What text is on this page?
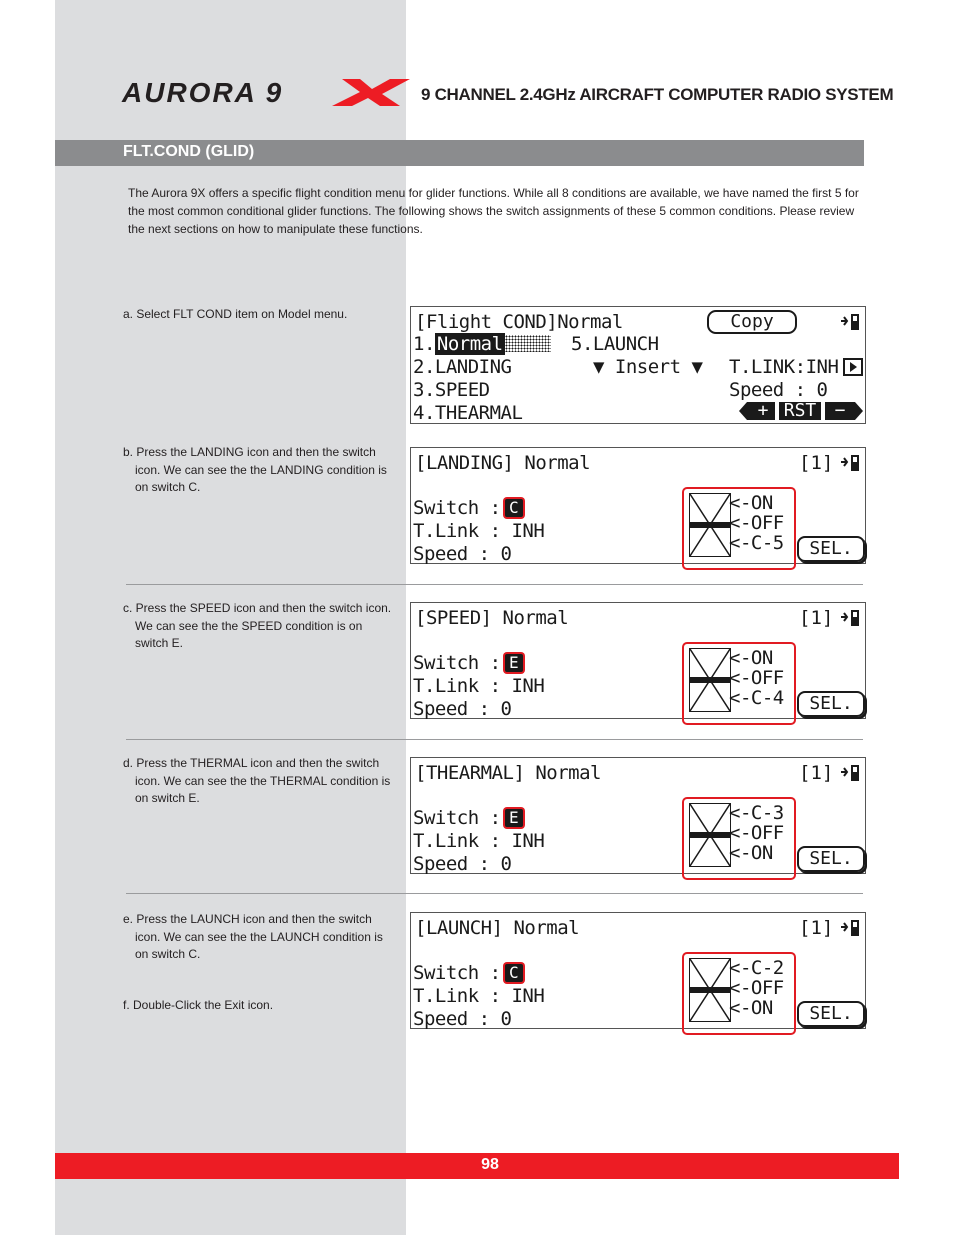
AURORA 9	9 CHANNEL 2.4GHz AIRCRAFT COMPUTER RADIO SYSTEM
FLT.COND (GLID)
The Aurora 9X offers a specific flight condition menu for glider functions. While all 8 conditions are available, we have named the first 5 for the most common conditional glider functions. The following shows the switch assignments of these 5 common conditions. Please review the next sections on how to manipulate these functions.
a. Select FLT COND item on Model menu.
b. Press the LANDING icon and then the switch icon. We can see the the LANDING condition is on switch C.
c. Press the SPEED icon and then the switch icon. We can see the the SPEED condition is on switch E.
d. Press the THERMAL icon and then the switch icon. We can see the the THERMAL condition is on switch E.
e. Press the LAUNCH icon and then the switch icon. We can see the the LAUNCH condition is on switch C.
f. Double-Click the Exit icon.
[Flight COND]Normal	Copy
1. Normal	5.LAUNCH
2.LANDING	▼ Insert ▼ T.LINK:INH
3.SPEED	Speed : 0
4.THEARMAL	+ RST	−
[LANDING] Normal	[1]
Switch : C
T.Link : INH
Speed : 0
<-ON
<-OFF
<-C-5	SEL.
[SPEED] Normal	[1]
Switch : E
T.Link : INH
Speed : 0
<-ON
<-OFF
<-C-4	SEL.
[THEARMAL] Normal	[1]
Switch : E
T.Link : INH
Speed : 0
<-C-3
<-OFF
<-ON	SEL.
[LAUNCH] Normal	[1]
Switch : C
T.Link : INH
Speed : 0
<-C-2
<-OFF
<-ON	SEL.
98
